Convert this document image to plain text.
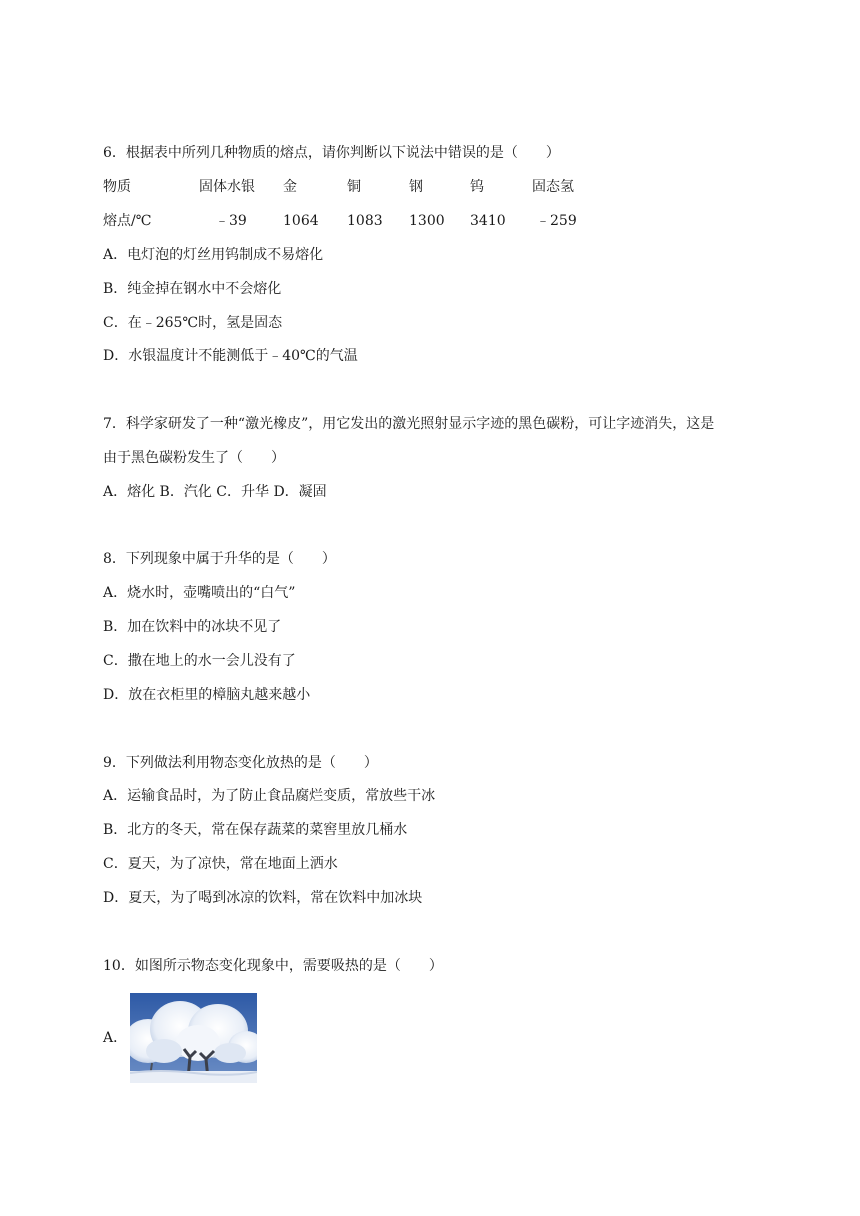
6．根据表中所列几种物质的熔点，请你判断以下说法中错误的是（　　）
物质	固体水银 金	铜	钢	钨	固态氢
熔点/℃	﹣39	1064 1083 1300 3410 ﹣259
A．电灯泡的灯丝用钨制成不易熔化
B．纯金掉在钢水中不会熔化
C．在﹣265℃时，氢是固态
D．水银温度计不能测低于﹣40℃的气温
7．科学家研发了一种“激光橡皮”，用它发出的激光照射显示字迹的黑色碳粉，可让字迹消失，这是
由于黑色碳粉发生了（　　）
A．熔化 B．汽化 C．升华 D．凝固
8．下列现象中属于升华的是（　　）
A．烧水时，壶嘴喷出的“白气”
B．加在饮料中的冰块不见了
C．撒在地上的水一会儿没有了
D．放在衣柜里的樟脑丸越来越小
9．下列做法利用物态变化放热的是（　　）
A．运输食品时，为了防止食品腐烂变质，常放些干冰
B．北方的冬天，常在保存蔬菜的菜窖里放几桶水
C．夏天，为了凉快，常在地面上洒水
D．夏天，为了喝到冰凉的饮料，常在饮料中加冰块
10．如图所示物态变化现象中，需要吸热的是（　　）
A．
